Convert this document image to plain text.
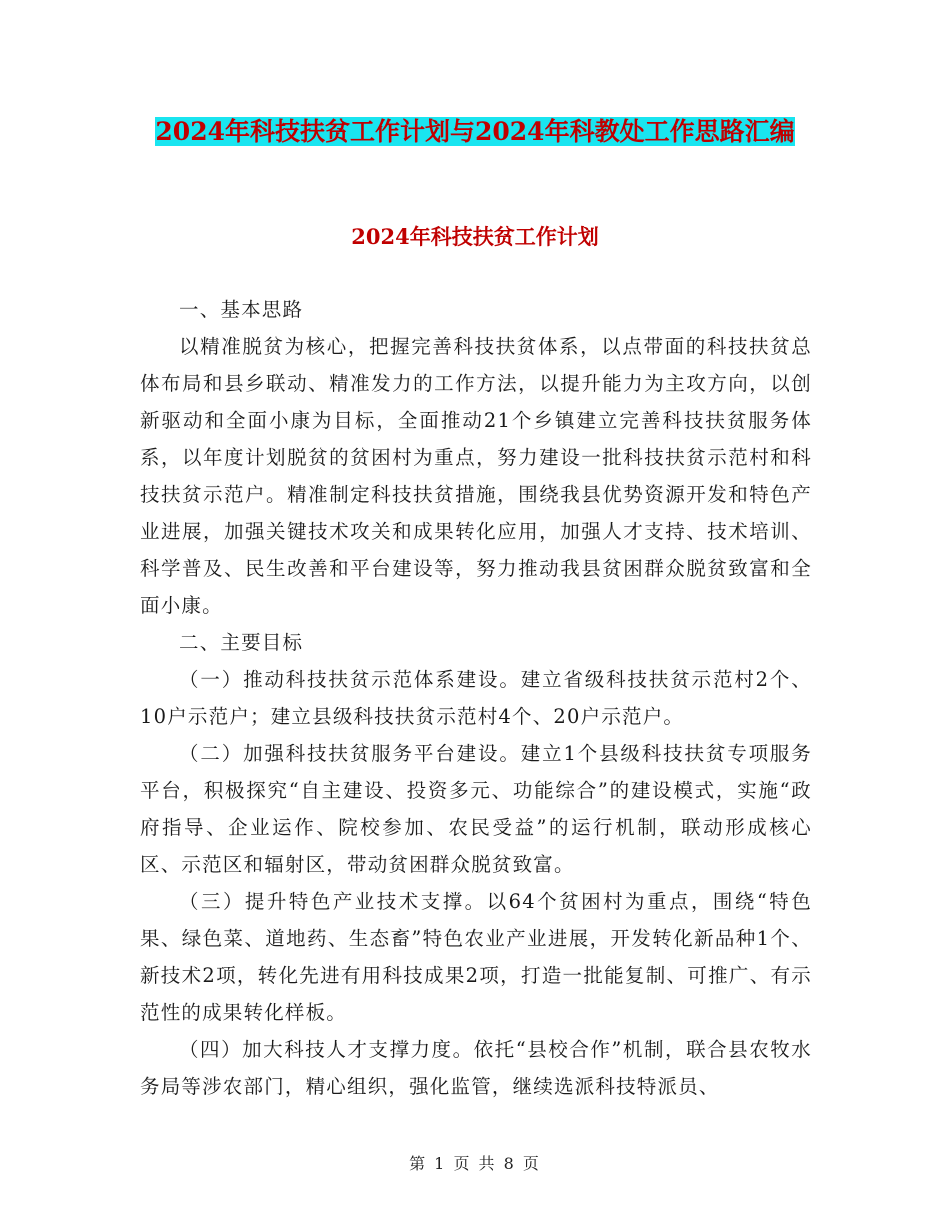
2024年科技扶贫工作计划与2024年科教处工作思路汇编
2024年科技扶贫工作计划

一、基本思路

以精准脱贫为核心，把握完善科技扶贫体系，以点带面的科技扶贫总体布局和县乡联动、精准发力的工作方法，以提升能力为主攻方向，以创新驱动和全面小康为目标，全面推动21个乡镇建立完善科技扶贫服务体系，以年度计划脱贫的贫困村为重点，努力建设一批科技扶贫示范村和科技扶贫示范户。精准制定科技扶贫措施，围绕我县优势资源开发和特色产业进展，加强关键技术攻关和成果转化应用，加强人才支持、技术培训、科学普及、民生改善和平台建设等，努力推动我县贫困群众脱贫致富和全面小康。

二、主要目标

（一）推动科技扶贫示范体系建设。建立省级科技扶贫示范村2个、10户示范户；建立县级科技扶贫示范村4个、20户示范户。

（二）加强科技扶贫服务平台建设。建立1个县级科技扶贫专项服务平台，积极探究“自主建设、投资多元、功能综合”的建设模式，实施“政府指导、企业运作、院校参加、农民受益”的运行机制，联动形成核心区、示范区和辐射区，带动贫困群众脱贫致富。

（三）提升特色产业技术支撑。以64个贫困村为重点，围绕“特色果、绿色菜、道地药、生态畜”特色农业产业进展，开发转化新品种1个、新技术2项，转化先进有用科技成果2项，打造一批能复制、可推广、有示范性的成果转化样板。

（四）加大科技人才支撑力度。依托“县校合作”机制，联合县农牧水务局等涉农部门，精心组织，强化监管，继续选派科技特派员、

第 1 页 共 8 页
